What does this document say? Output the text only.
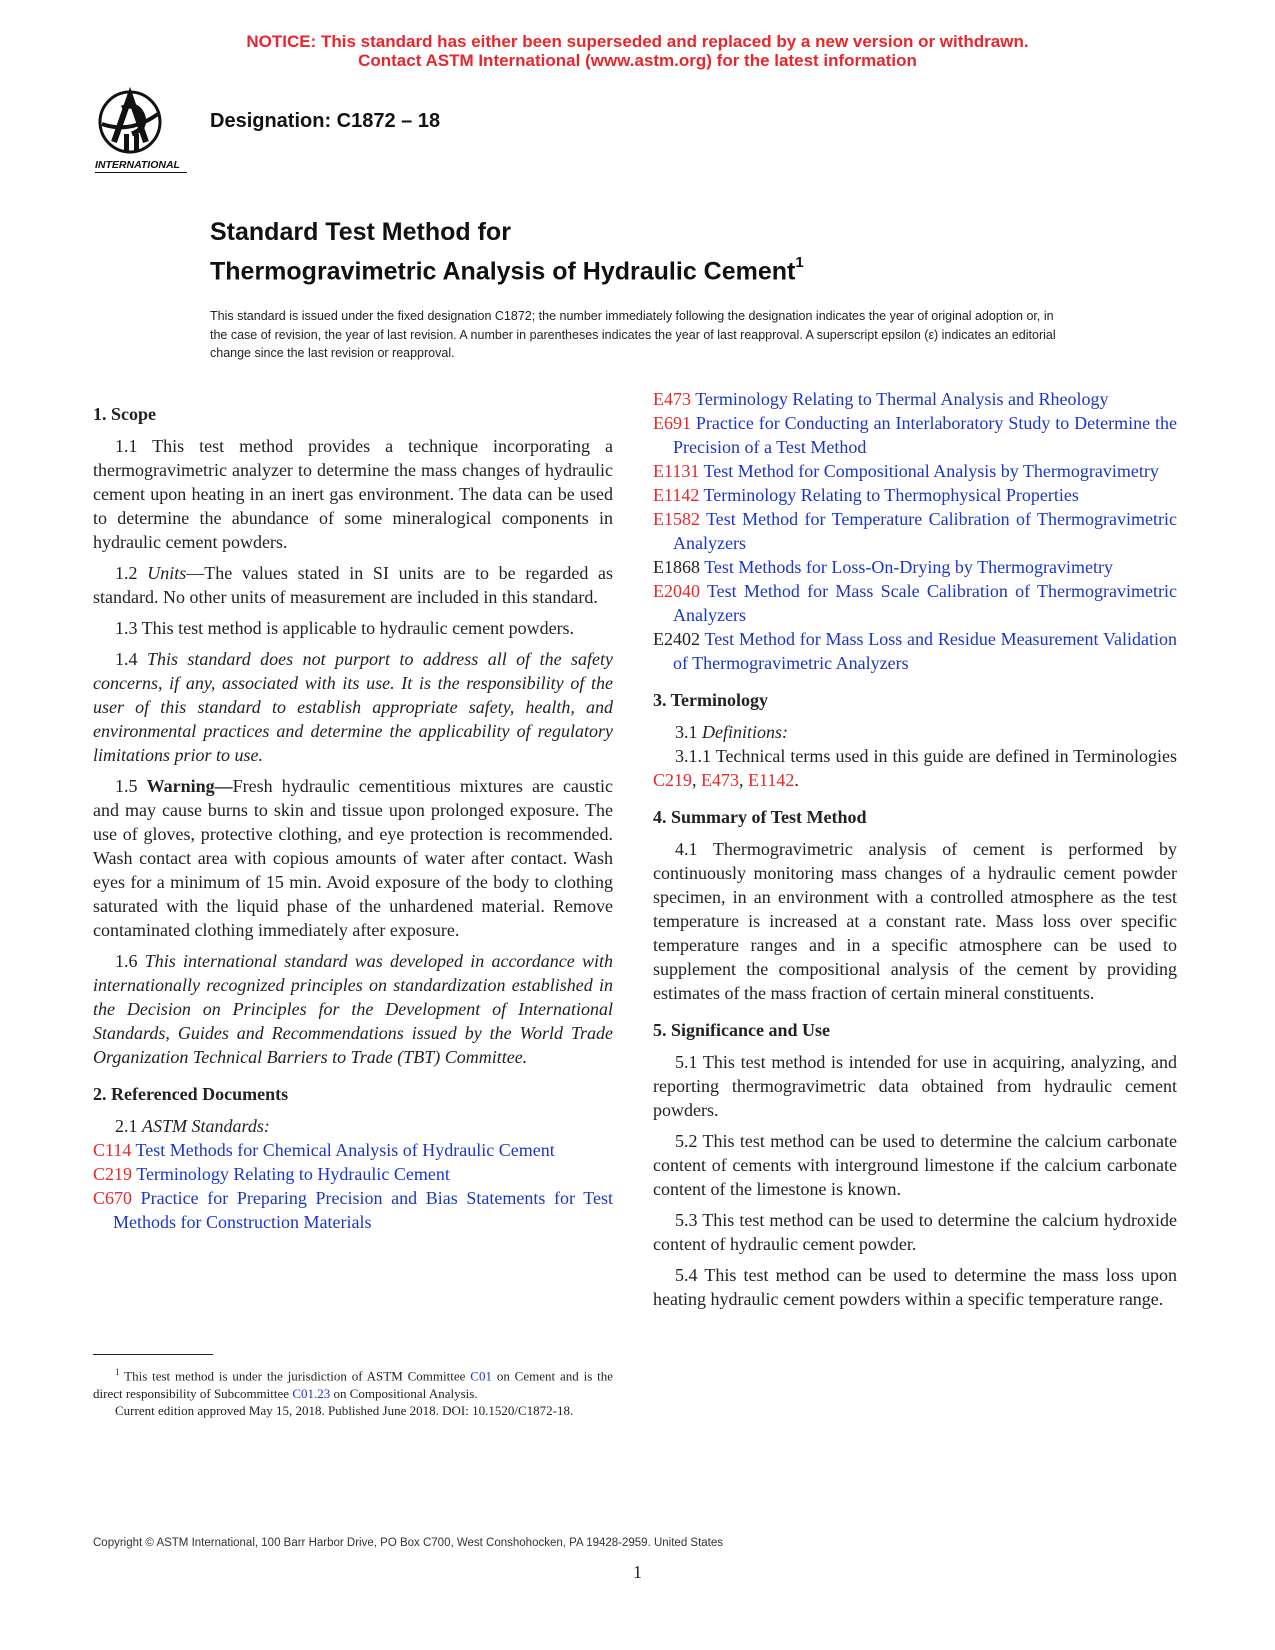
NOTICE: This standard has either been superseded and replaced by a new version or withdrawn.
Contact ASTM International (www.astm.org) for the latest information
INTERNATIONAL
Designation: C1872 – 18
Standard Test Method for
Thermogravimetric Analysis of Hydraulic Cement$^1$
This standard is issued under the fixed designation C1872; the number immediately following the designation indicates the year of original adoption or, in the case of revision, the year of last revision. A number in parentheses indicates the year of last reapproval. A superscript epsilon (ε) indicates an editorial change since the last revision or reapproval.
1. Scope

1.1 This test method provides a technique incorporating a thermogravimetric analyzer to determine the mass changes of hydraulic cement upon heating in an inert gas environment. The data can be used to determine the abundance of some mineralogical components in hydraulic cement powders.

1.2 Units—The values stated in SI units are to be regarded as standard. No other units of measurement are included in this standard.

1.3 This test method is applicable to hydraulic cement powders.

1.4 This standard does not purport to address all of the safety concerns, if any, associated with its use. It is the responsibility of the user of this standard to establish appropriate safety, health, and environmental practices and determine the applicability of regulatory limitations prior to use.

1.5 Warning—Fresh hydraulic cementitious mixtures are caustic and may cause burns to skin and tissue upon prolonged exposure. The use of gloves, protective clothing, and eye protection is recommended. Wash contact area with copious amounts of water after contact. Wash eyes for a minimum of 15 min. Avoid exposure of the body to clothing saturated with the liquid phase of the unhardened material. Remove contaminated clothing immediately after exposure.

1.6 This international standard was developed in accordance with internationally recognized principles on standardization established in the Decision on Principles for the Development of International Standards, Guides and Recommendations issued by the World Trade Organization Technical Barriers to Trade (TBT) Committee.

2. Referenced Documents

2.1 ASTM Standards:

C114 Test Methods for Chemical Analysis of Hydraulic Cement
C219 Terminology Relating to Hydraulic Cement
C670 Practice for Preparing Precision and Bias Statements for Test Methods for Construction Materials
E473 Terminology Relating to Thermal Analysis and Rheology
E691 Practice for Conducting an Interlaboratory Study to Determine the Precision of a Test Method
E1131 Test Method for Compositional Analysis by Thermogravimetry
E1142 Terminology Relating to Thermophysical Properties
E1582 Test Method for Temperature Calibration of Thermogravimetric Analyzers
E1868 Test Methods for Loss-On-Drying by Thermogravimetry
E2040 Test Method for Mass Scale Calibration of Thermogravimetric Analyzers
E2402 Test Method for Mass Loss and Residue Measurement Validation of Thermogravimetric Analyzers
3. Terminology

3.1 Definitions:

3.1.1 Technical terms used in this guide are defined in Terminologies C219, E473, E1142.

4. Summary of Test Method

4.1 Thermogravimetric analysis of cement is performed by continuously monitoring mass changes of a hydraulic cement powder specimen, in an environment with a controlled atmosphere as the test temperature is increased at a constant rate. Mass loss over specific temperature ranges and in a specific atmosphere can be used to supplement the compositional analysis of the cement by providing estimates of the mass fraction of certain mineral constituents.

5. Significance and Use

5.1 This test method is intended for use in acquiring, analyzing, and reporting thermogravimetric data obtained from hydraulic cement powders.

5.2 This test method can be used to determine the calcium carbonate content of cements with interground limestone if the calcium carbonate content of the limestone is known.

5.3 This test method can be used to determine the calcium hydroxide content of hydraulic cement powder.

5.4 This test method can be used to determine the mass loss upon heating hydraulic cement powders within a specific temperature range.

$^1$ This test method is under the jurisdiction of ASTM Committee C01 on Cement and is the direct responsibility of Subcommittee C01.23 on Compositional Analysis.

Current edition approved May 15, 2018. Published June 2018. DOI: 10.1520/C1872-18.

Copyright © ASTM International, 100 Barr Harbor Drive, PO Box C700, West Conshohocken, PA 19428-2959. United States
1
